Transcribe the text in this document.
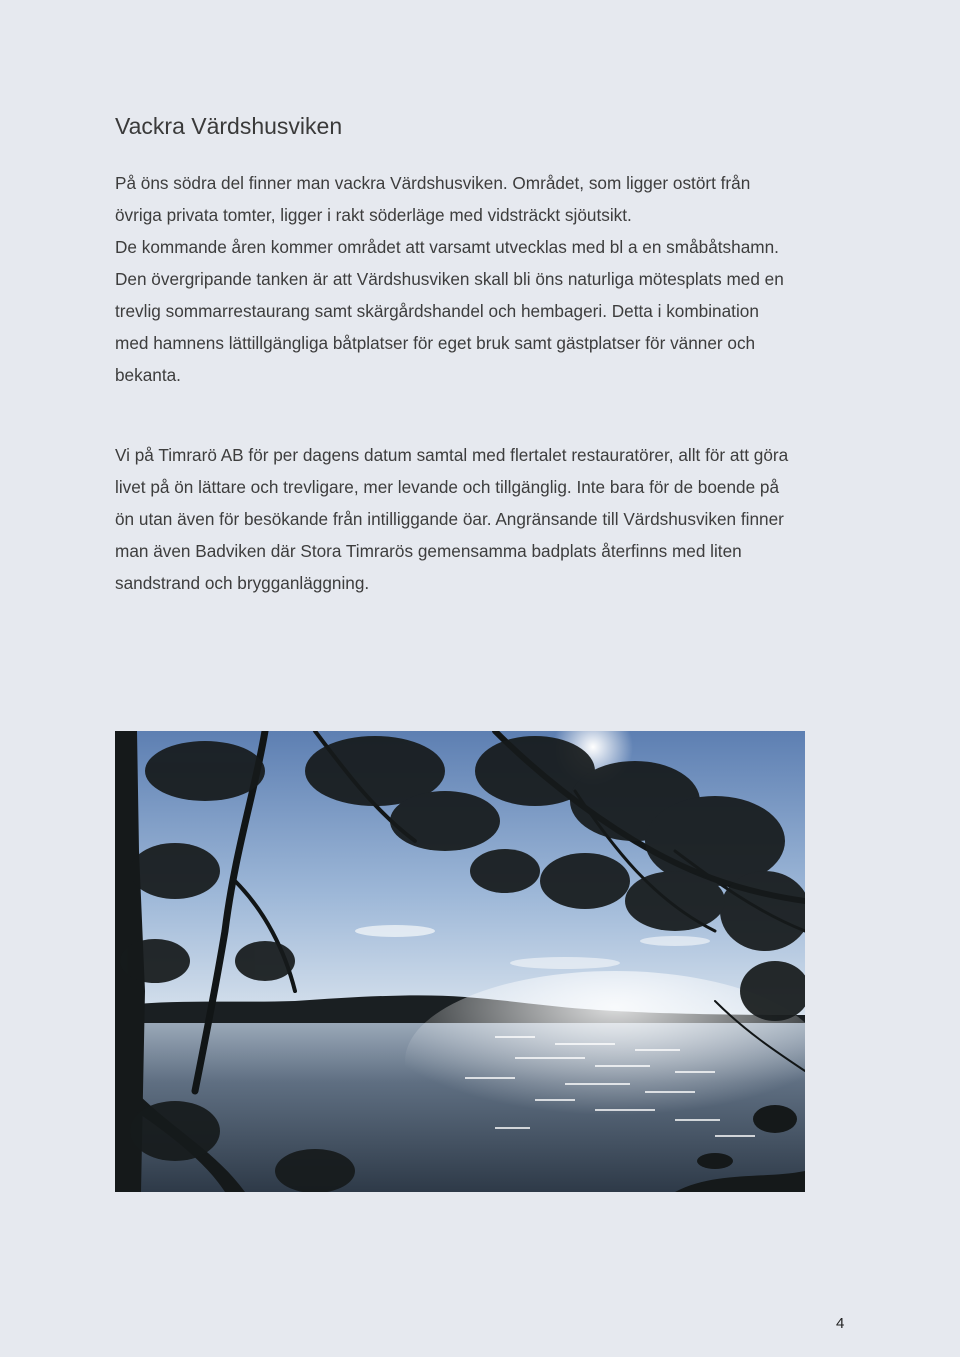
Vackra Värdshusviken

På öns södra del finner man vackra Värdshusviken. Området, som ligger ostört från
övriga privata tomter, ligger i rakt söderläge med vidsträckt sjöutsikt.
De kommande åren kommer området att varsamt utvecklas med bl a en småbåtshamn.
Den övergripande tanken är att Värdshusviken skall bli öns naturliga mötesplats med en
trevlig sommarrestaurang samt skärgårdshandel och hembageri. Detta i kombination
med hamnens lättillgängliga båtplatser för eget bruk samt gästplatser för vänner och
bekanta.

Vi på Timrarö AB för per dagens datum samtal med flertalet restauratörer, allt för att göra
livet på ön lättare och trevligare, mer levande och tillgänglig. Inte bara för de boende på
ön utan även för besökande från intilliggande öar. Angränsande till Värdshusviken finner
man även Badviken där Stora Timrarös gemensamma badplats återfinns med liten
sandstrand och brygganläggning.

4
